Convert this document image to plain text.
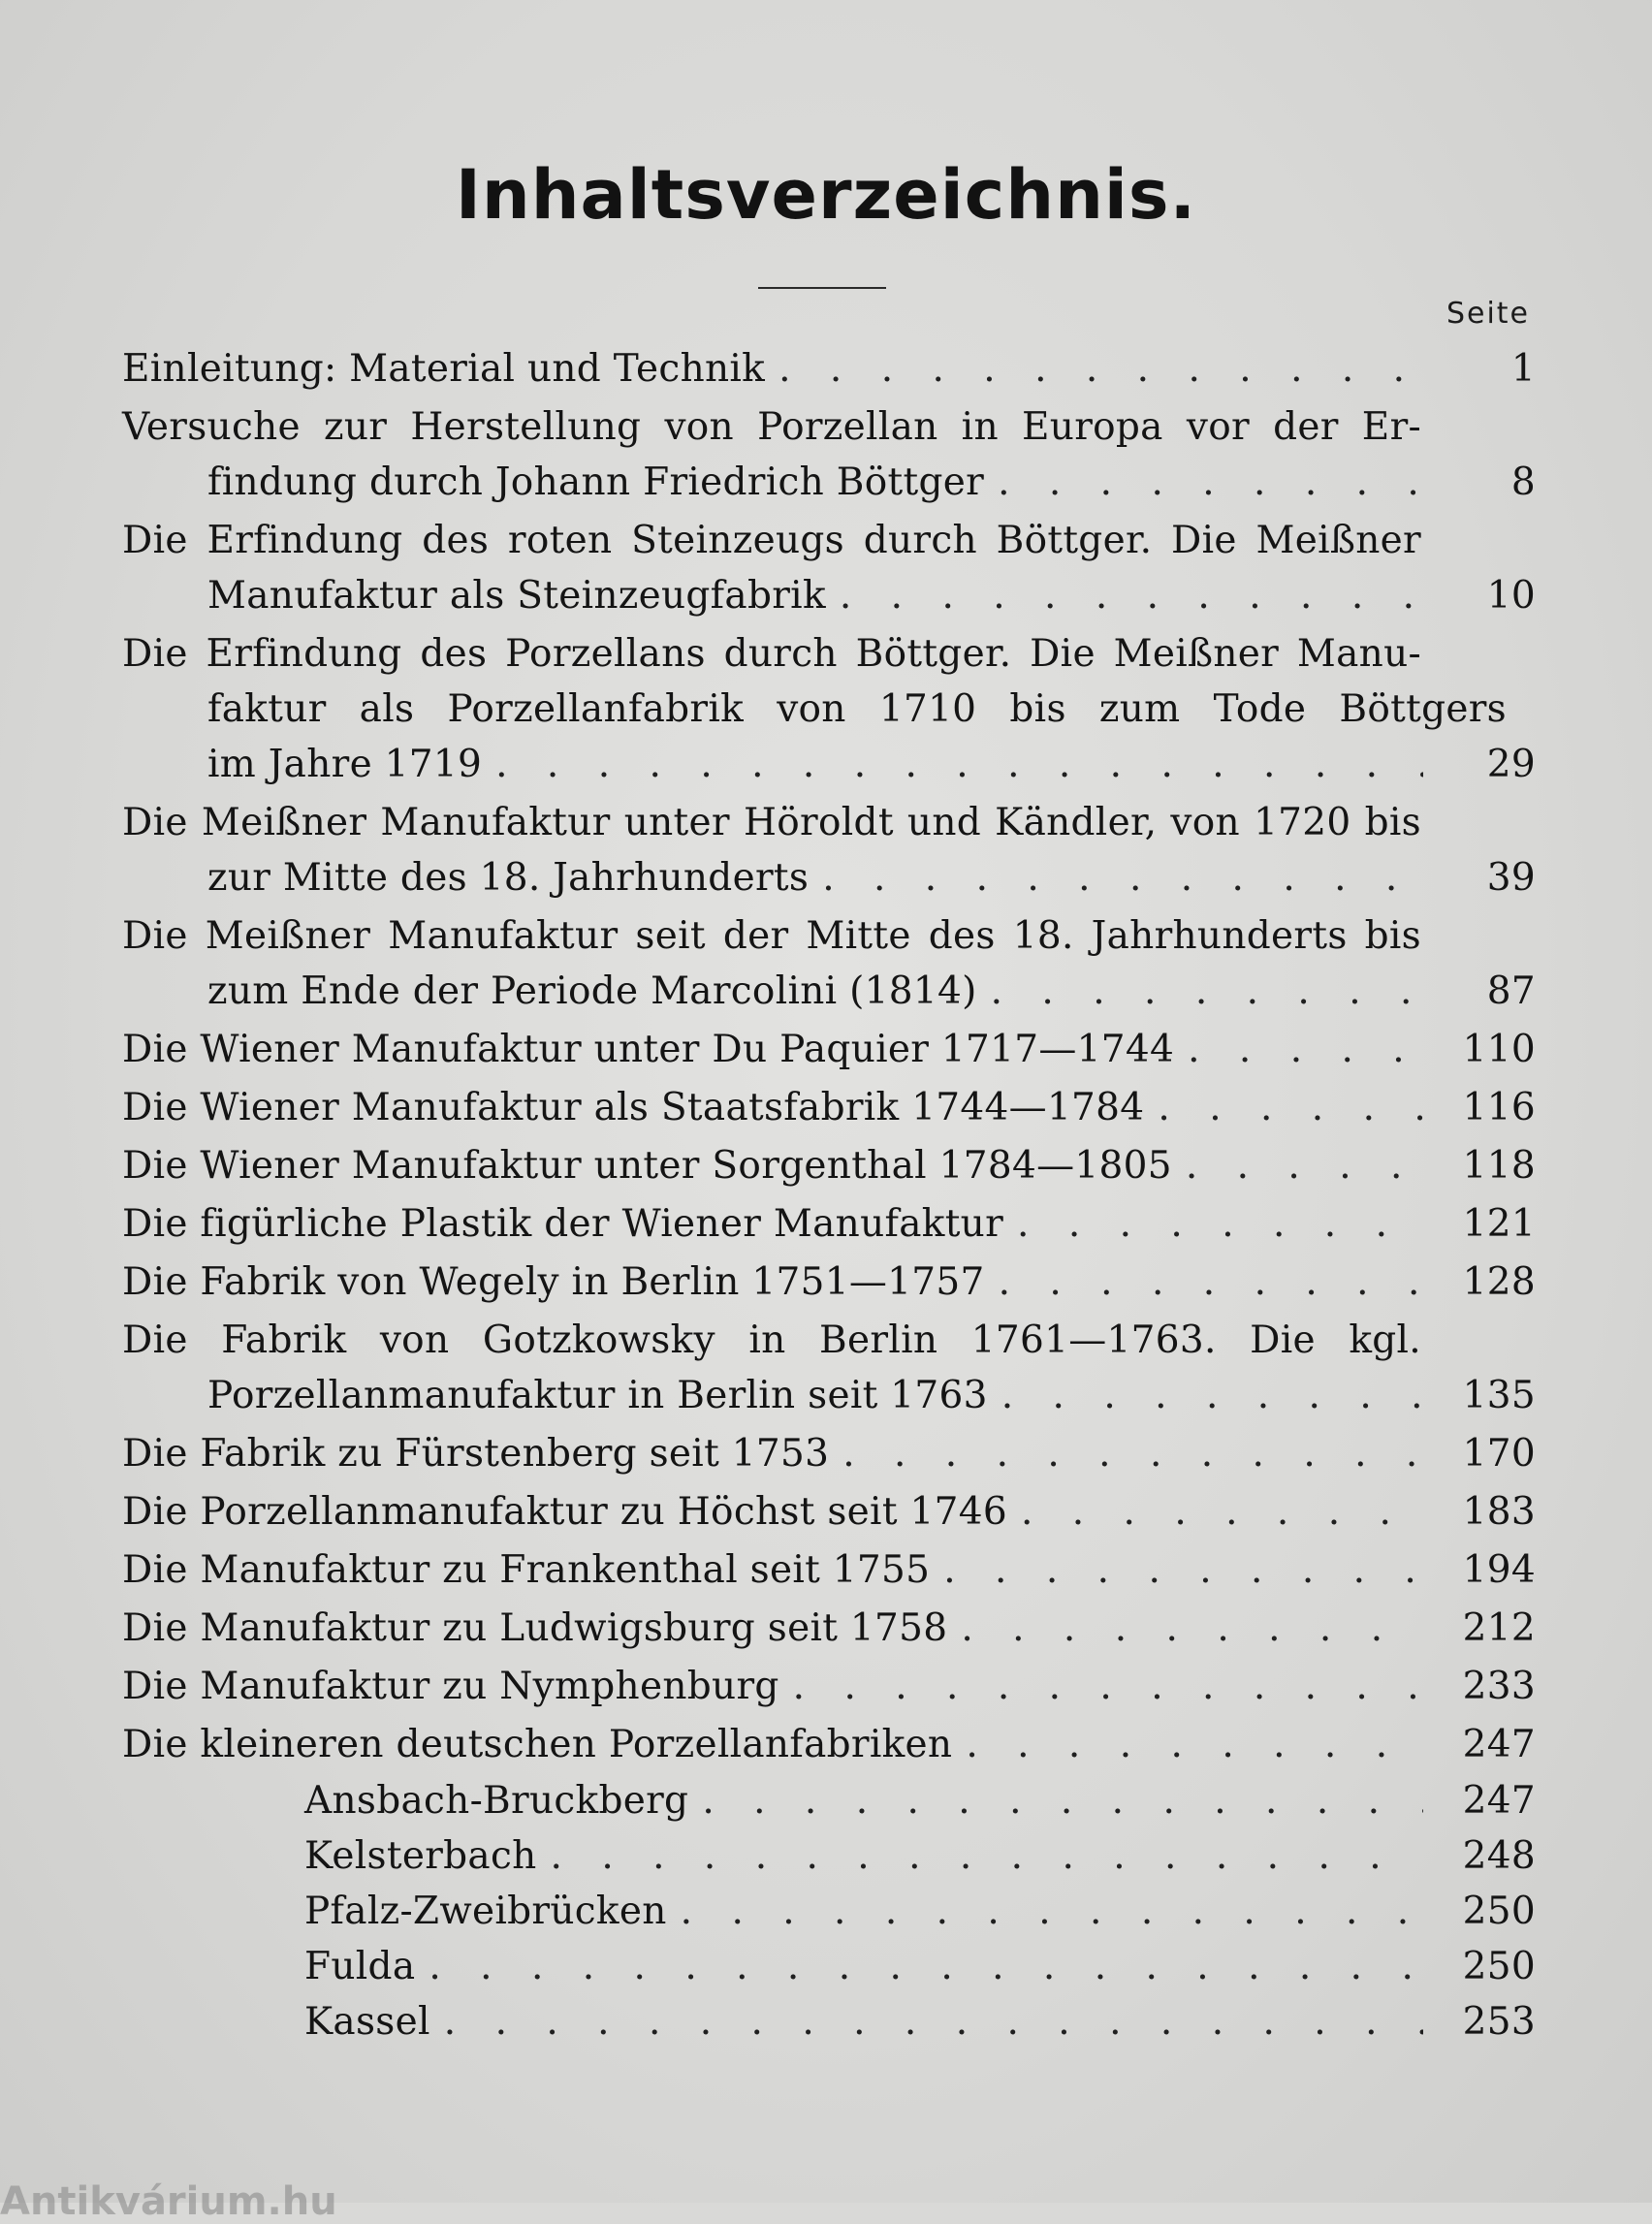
Inhaltsverzeichnis.
Seite
Einleitung: Material und Technik . . .	1
Versuche zur Herstellung von Porzellan in Europa vor der Er-
findung durch Johann Friedrich Böttger . . .	8
Die Erfindung des roten Steinzeugs durch Böttger. Die Meißner
Manufaktur als Steinzeugfabrik . . .	10
Die Erfindung des Porzellans durch Böttger. Die Meißner Manu-
faktur als Porzellanfabrik von 1710 bis zum Tode Böttgers
im Jahre 1719 . . .	29
Die Meißner Manufaktur unter Höroldt und Kändler, von 1720 bis
zur Mitte des 18. Jahrhunderts . . .	39
Die Meißner Manufaktur seit der Mitte des 18. Jahrhunderts bis
zum Ende der Periode Marcolini (1814) . . .	87
Die Wiener Manufaktur unter Du Paquier 1717—1744 . . .	110
Die Wiener Manufaktur als Staatsfabrik 1744—1784 . . .	116
Die Wiener Manufaktur unter Sorgenthal 1784—1805 . . .	118
Die figürliche Plastik der Wiener Manufaktur . . .	121
Die Fabrik von Wegely in Berlin 1751—1757 . . .	128
Die Fabrik von Gotzkowsky in Berlin 1761—1763. Die kgl.
Porzellanmanufaktur in Berlin seit 1763 . . .	135
Die Fabrik zu Fürstenberg seit 1753 . . .	170
Die Porzellanmanufaktur zu Höchst seit 1746 . . .	183
Die Manufaktur zu Frankenthal seit 1755 . . .	194
Die Manufaktur zu Ludwigsburg seit 1758 . . .	212
Die Manufaktur zu Nymphenburg . . .	233
Die kleineren deutschen Porzellanfabriken . . .	247
Ansbach-Bruckberg . . .	247
Kelsterbach . . .	248
Pfalz-Zweibrücken . . .	250
Fulda . . .	250
Kassel . . .	253
Antikvárium.hu
